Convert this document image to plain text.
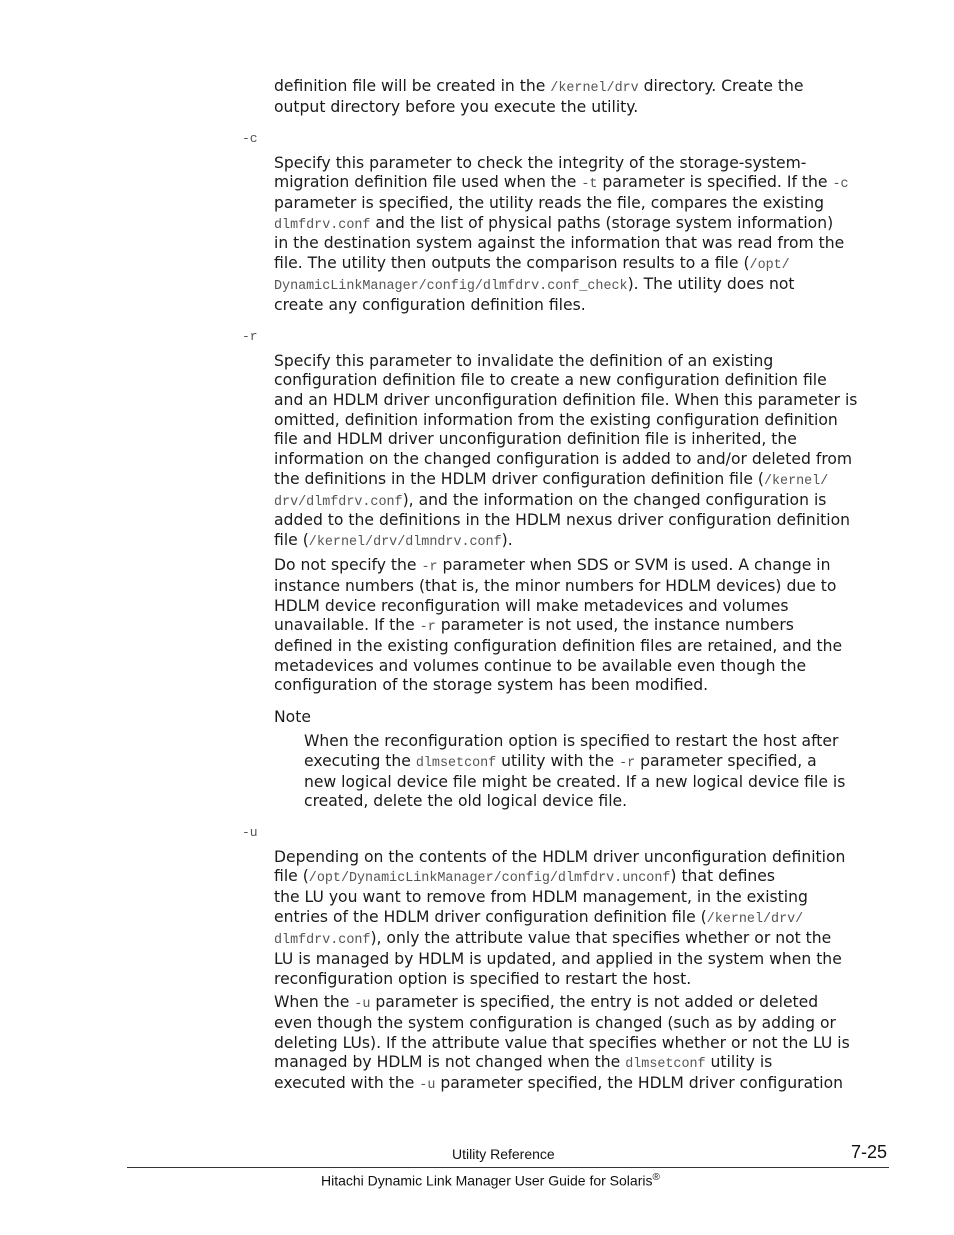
-c
-r
-u
Note
definition file will be created in the /kernel/drv directory. Create the
output directory before you execute the utility.
Specify this parameter to check the integrity of the storage-system-
migration definition file used when the -t parameter is specified. If the -c
parameter is specified, the utility reads the file, compares the existing
dlmfdrv.conf and the list of physical paths (storage system information)
in the destination system against the information that was read from the
file. The utility then outputs the comparison results to a file (/opt/
DynamicLinkManager/config/dlmfdrv.conf_check). The utility does not
create any configuration definition files.
Specify this parameter to invalidate the definition of an existing
configuration definition file to create a new configuration definition file
and an HDLM driver unconfiguration definition file. When this parameter is
omitted, definition information from the existing configuration definition
file and HDLM driver unconfiguration definition file is inherited, the
information on the changed configuration is added to and/or deleted from
the definitions in the HDLM driver configuration definition file (/kernel/
drv/dlmfdrv.conf), and the information on the changed configuration is
added to the definitions in the HDLM nexus driver configuration definition
file (/kernel/drv/dlmndrv.conf).
Do not specify the -r parameter when SDS or SVM is used. A change in
instance numbers (that is, the minor numbers for HDLM devices) due to
HDLM device reconfiguration will make metadevices and volumes
unavailable. If the -r parameter is not used, the instance numbers
defined in the existing configuration definition files are retained, and the
metadevices and volumes continue to be available even though the
configuration of the storage system has been modified.
When the reconfiguration option is specified to restart the host after
executing the dlmsetconf utility with the -r parameter specified, a
new logical device file might be created. If a new logical device file is
created, delete the old logical device file.
Depending on the contents of the HDLM driver unconfiguration definition
file (/opt/DynamicLinkManager/config/dlmfdrv.unconf) that defines
the LU you want to remove from HDLM management, in the existing
entries of the HDLM driver configuration definition file (/kernel/drv/
dlmfdrv.conf), only the attribute value that specifies whether or not the
LU is managed by HDLM is updated, and applied in the system when the
reconfiguration option is specified to restart the host.
When the -u parameter is specified, the entry is not added or deleted
even though the system configuration is changed (such as by adding or
deleting LUs). If the attribute value that specifies whether or not the LU is
managed by HDLM is not changed when the dlmsetconf utility is
executed with the -u parameter specified, the HDLM driver configuration
Utility Reference	7-25
Hitachi Dynamic Link Manager User Guide for Solaris®
